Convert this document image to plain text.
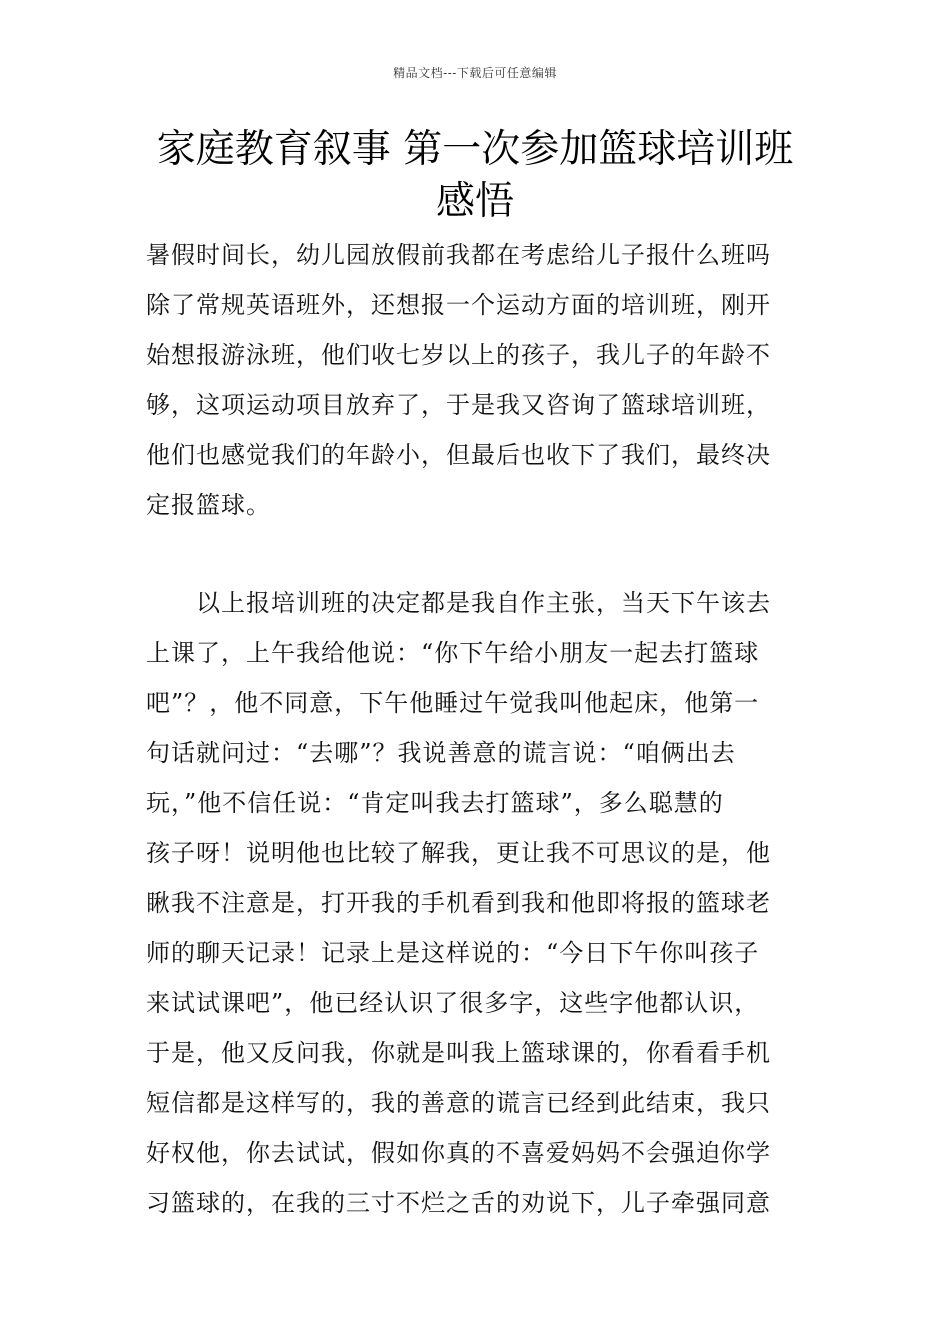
精品文档---下载后可任意编辑
家庭教育叙事 第一次参加篮球培训班
感悟
暑假时间长，幼儿园放假前我都在考虑给儿子报什么班吗
除了常规英语班外，还想报一个运动方面的培训班，刚开
始想报游泳班，他们收七岁以上的孩子，我儿子的年龄不
够，这项运动项目放弃了，于是我又咨询了篮球培训班，
他们也感觉我们的年龄小，但最后也收下了我们，最终决
定报篮球。
　　以上报培训班的决定都是我自作主张，当天下午该去
上课了，上午我给他说：“你下午给小朋友一起去打篮球
吧”？，他不同意，下午他睡过午觉我叫他起床，他第一
句话就问过：“去哪”？我说善意的谎言说：“咱俩出去
玩，”他不信任说：“肯定叫我去打篮球”，多么聪慧的
孩子呀！说明他也比较了解我，更让我不可思议的是，他
瞅我不注意是，打开我的手机看到我和他即将报的篮球老
师的聊天记录！记录上是这样说的：“今日下午你叫孩子
来试试课吧”，他已经认识了很多字，这些字他都认识，
于是，他又反问我，你就是叫我上篮球课的，你看看手机
短信都是这样写的，我的善意的谎言已经到此结束，我只
好权他，你去试试，假如你真的不喜爱妈妈不会强迫你学
习篮球的，在我的三寸不烂之舌的劝说下，儿子牵强同意
